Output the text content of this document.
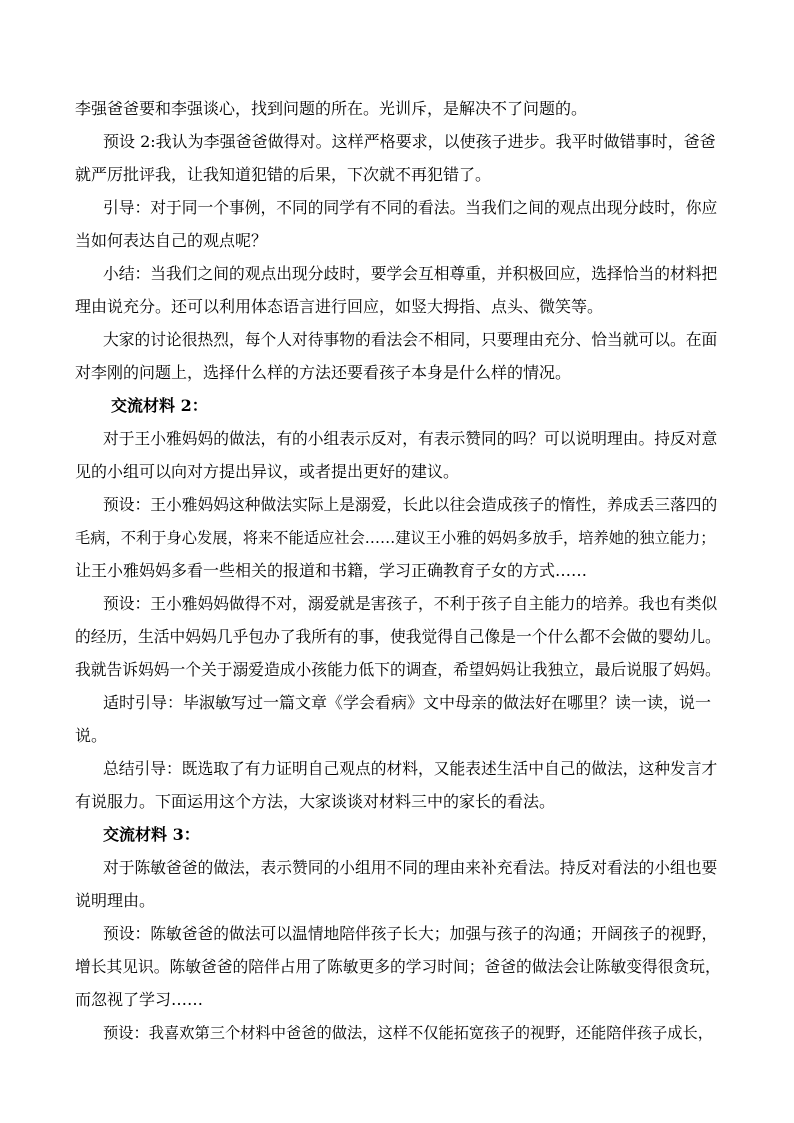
李强爸爸要和李强谈心，找到问题的所在。光训斥，是解决不了问题的。
预设 2:我认为李强爸爸做得对。这样严格要求，以使孩子进步。我平时做错事时，爸爸
就严厉批评我，让我知道犯错的后果，下次就不再犯错了。
引导：对于同一个事例，不同的同学有不同的看法。当我们之间的观点出现分歧时，你应
当如何表达自己的观点呢？
小结：当我们之间的观点出现分歧时，要学会互相尊重，并积极回应，选择恰当的材料把
理由说充分。还可以利用体态语言进行回应，如竖大拇指、点头、微笑等。
大家的讨论很热烈，每个人对待事物的看法会不相同，只要理由充分、恰当就可以。在面
对李刚的问题上，选择什么样的方法还要看孩子本身是什么样的情况。
交流材料 2：
对于王小雅妈妈的做法，有的小组表示反对，有表示赞同的吗？可以说明理由。持反对意
见的小组可以向对方提出异议，或者提出更好的建议。
预设：王小雅妈妈这种做法实际上是溺爱，长此以往会造成孩子的惰性，养成丢三落四的
毛病，不利于身心发展，将来不能适应社会……建议王小雅的妈妈多放手，培养她的独立能力；
让王小雅妈妈多看一些相关的报道和书籍，学习正确教育子女的方式……
预设：王小雅妈妈做得不对，溺爱就是害孩子，不利于孩子自主能力的培养。我也有类似
的经历，生活中妈妈几乎包办了我所有的事，使我觉得自己像是一个什么都不会做的婴幼儿。
我就告诉妈妈一个关于溺爱造成小孩能力低下的调查，希望妈妈让我独立，最后说服了妈妈。
适时引导：毕淑敏写过一篇文章《学会看病》文中母亲的做法好在哪里？读一读，说一
说。
总结引导：既选取了有力证明自己观点的材料，又能表述生活中自己的做法，这种发言才
有说服力。下面运用这个方法，大家谈谈对材料三中的家长的看法。
交流材料 3：
对于陈敏爸爸的做法，表示赞同的小组用不同的理由来补充看法。持反对看法的小组也要
说明理由。
预设：陈敏爸爸的做法可以温情地陪伴孩子长大；加强与孩子的沟通；开阔孩子的视野，
增长其见识。陈敏爸爸的陪伴占用了陈敏更多的学习时间；爸爸的做法会让陈敏变得很贪玩，
而忽视了学习……
预设：我喜欢第三个材料中爸爸的做法，这样不仅能拓宽孩子的视野，还能陪伴孩子成长，
